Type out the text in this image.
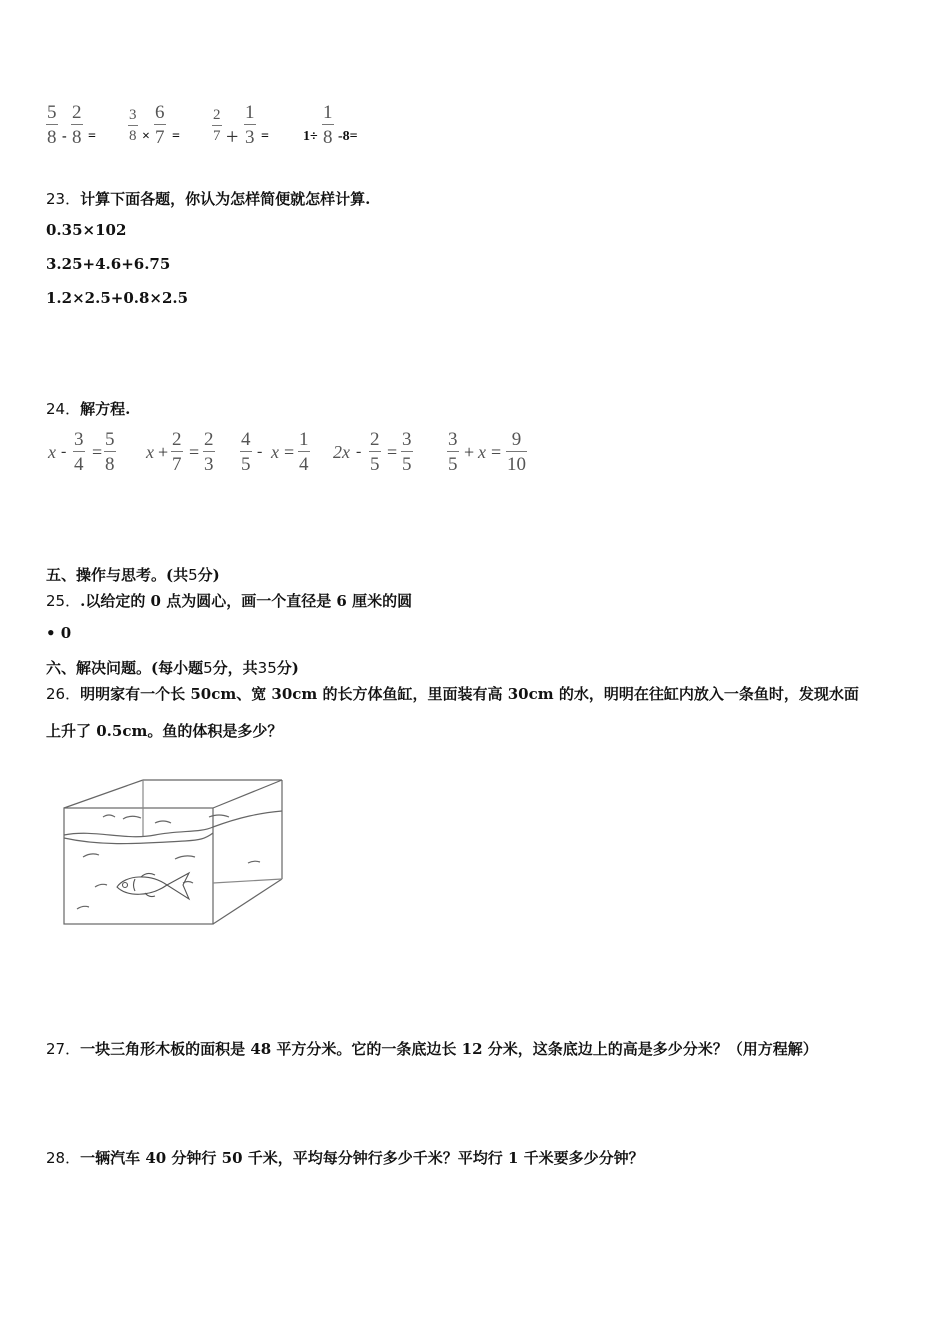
$\frac{5}{8} - \frac{2}{8} = \frac{3}{8} \times \frac{6}{7} = \frac{2}{7} + \frac{1}{3} = 1\div \frac{1}{8} -8=$
23．计算下面各题，你认为怎样简便就怎样计算.
0.35×102
3.25+4.6+6.75
1.2×2.5+0.8×2.5
24．解方程.
$x - \frac{3}{4} = \frac{5}{8}$ $x + \frac{2}{7} = \frac{2}{3} \frac{4}{5} - x = \frac{1}{4} 2x - \frac{2}{5} = \frac{3}{5} \frac{3}{5} + x = \frac{9}{10}$
五、操作与思考。(共5分)
25．.以给定的 0 点为圆心，画一个直径是 6 厘米的圆
• 0
六、解决问题。(每小题5分，共35分)
26．明明家有一个长 50cm、宽 30cm 的长方体鱼缸，里面装有高 30cm 的水，明明在往缸内放入一条鱼时，发现水面
上升了 0.5cm。鱼的体积是多少？
27．一块三角形木板的面积是 48 平方分米。它的一条底边长 12 分米，这条底边上的高是多少分米？（用方程解）
28．一辆汽车 40 分钟行 50 千米，平均每分钟行多少千米？平均行 1 千米要多少分钟？
